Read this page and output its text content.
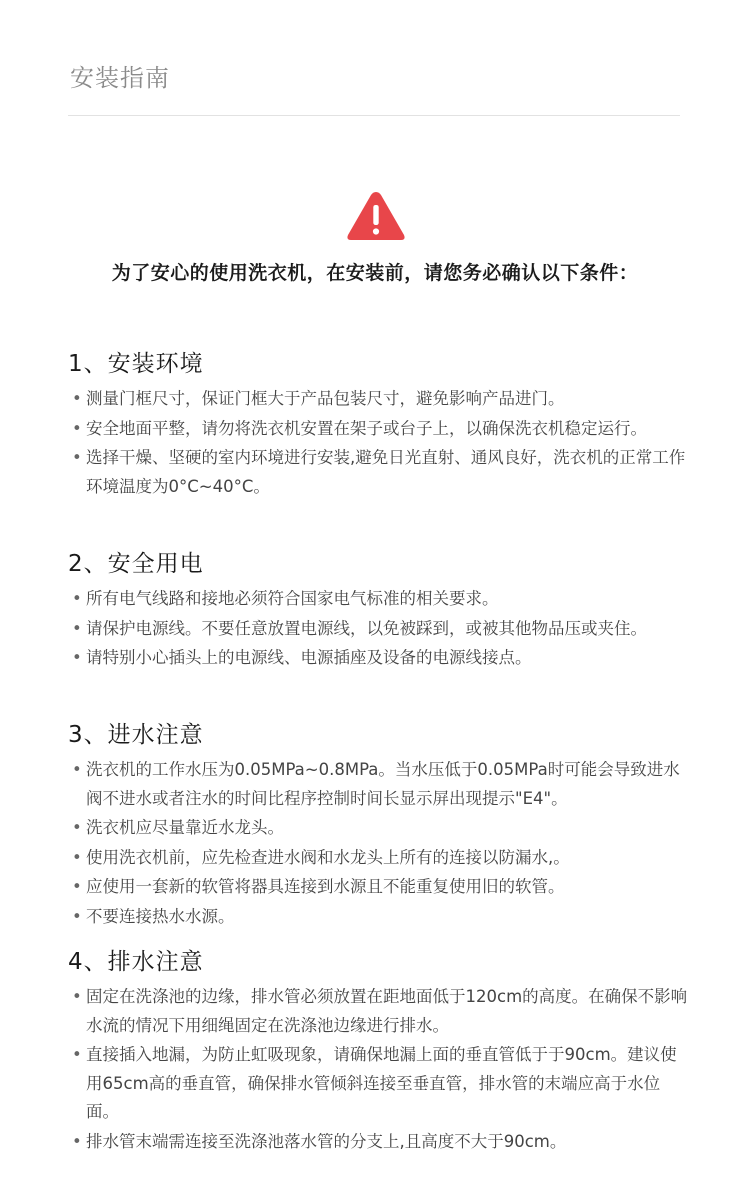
安装指南
为了安心的使用洗衣机，在安装前，请您务必确认以下条件：
1、安装环境
• 测量门框尺寸，保证门框大于产品包装尺寸，避免影响产品进门。
• 安全地面平整，请勿将洗衣机安置在架子或台子上，以确保洗衣机稳定运行。
• 选择干燥、坚硬的室内环境进行安装,避免日光直射、通风良好，洗衣机的正常工作环境温度为0°C~40°C。
2、安全用电
• 所有电气线路和接地必须符合国家电气标准的相关要求。
• 请保护电源线。不要任意放置电源线，以免被踩到，或被其他物品压或夹住。
• 请特别小心插头上的电源线、电源插座及设备的电源线接点。
3、进水注意
• 洗衣机的工作水压为0.05MPa~0.8MPa。当水压低于0.05MPa时可能会导致进水阀不进水或者注水的时间比程序控制时间长显示屏出现提示"E4"。
• 洗衣机应尽量靠近水龙头。
• 使用洗衣机前，应先检查进水阀和水龙头上所有的连接以防漏水,。
• 应使用一套新的软管将器具连接到水源且不能重复使用旧的软管。
• 不要连接热水水源。
4、排水注意
• 固定在洗涤池的边缘，排水管必须放置在距地面低于120cm的高度。在确保不影响水流的情况下用细绳固定在洗涤池边缘进行排水。
• 直接插入地漏，为防止虹吸现象，请确保地漏上面的垂直管低于于90cm。建议使用65cm高的垂直管，确保排水管倾斜连接至垂直管，排水管的末端应高于水位面。
• 排水管末端需连接至洗涤池落水管的分支上,且高度不大于90cm。
